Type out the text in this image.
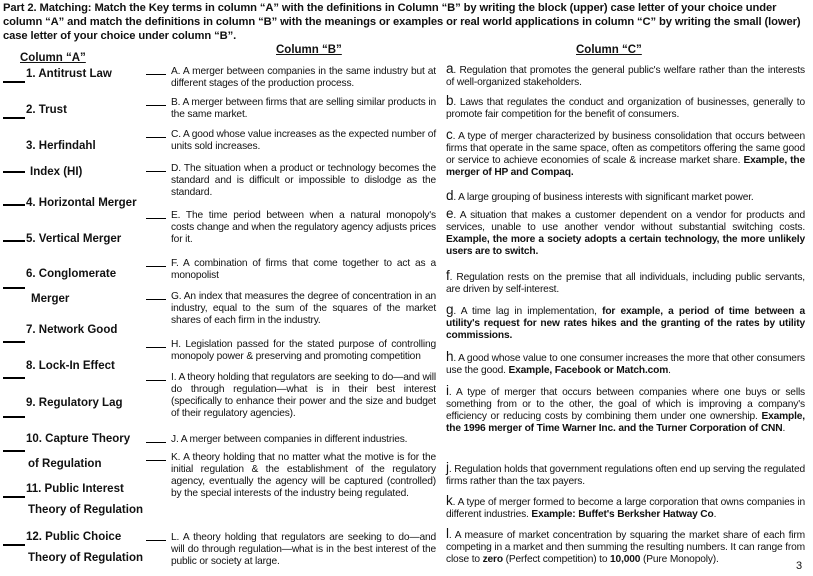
Part 2. Matching: Match the Key terms in column “A” with the definitions in Column “B” by writing the block (upper) case letter of your choice under column “A” and match the definitions in column “B” with the meanings or examples or real world applications in column “C” by writing the small (lower) case letter of your choice under column “B”.
Column “A”
Column “B”	Column “C”
1. Antitrust Law
2. Trust
3. Herfindahl
Index (HI)
4. Horizontal Merger
5. Vertical Merger
6. Conglomerate
Merger
7. Network Good
8. Lock-In Effect
9. Regulatory Lag
10. Capture Theory
of Regulation
11. Public Interest
Theory of Regulation
12. Public Choice
Theory of Regulation
A. A merger between companies in the same industry but at different stages of the production process.
B. A merger between firms that are selling similar products in the same market.
C. A good whose value increases as the expected number of units sold increases.
D. The situation when a product or technology becomes the standard and is difficult or impossible to dislodge as the standard.
E. The time period between when a natural monopoly's costs change and when the regulatory agency adjusts prices for it.
F. A combination of firms that come together to act as a monopolist
G. An index that measures the degree of concentration in an industry, equal to the sum of the squares of the market shares of each firm in the industry.
H. Legislation passed for the stated purpose of controlling monopoly power & preserving and promoting competition
I. A theory holding that regulators are seeking to do—and will do through regulation—what is in their best interest (specifically to enhance their power and the size and budget of their regulatory agencies).
J. A merger between companies in different industries.
K. A theory holding that no matter what the motive is for the initial regulation & the establishment of the regulatory agency, eventually the agency will be captured (controlled) by the special interests of the industry being regulated.
L. A theory holding that regulators are seeking to do—and will do through regulation—what is in the best interest of the public or society at large.
a. Regulation that promotes the general public's welfare rather than the interests of well-organized stakeholders.
b. Laws that regulates the conduct and organization of businesses, generally to promote fair competition for the benefit of consumers.
c. A type of merger characterized by business consolidation that occurs between firms that operate in the same space, often as competitors offering the same good or service to achieve economies of scale & increase market share. Example, the merger of HP and Compaq.
d. A large grouping of business interests with significant market power.
e. A situation that makes a customer dependent on a vendor for products and services, unable to use another vendor without substantial switching costs. Example, the more a society adopts a certain technology, the more unlikely users are to switch.
f. Regulation rests on the premise that all individuals, including public servants, are driven by self-interest.
g. A time lag in implementation, for example, a period of time between a utility's request for new rates hikes and the granting of the rates by utility commissions.
h. A good whose value to one consumer increases the more that other consumers use the good. Example, Facebook or Match.com.
i. A type of merger that occurs between companies where one buys or sells something from or to the other, the goal of which is improving a company's efficiency or reducing costs by combining them under one ownership. Example, the 1996 merger of Time Warner Inc. and the Turner Corporation of CNN.
j. Regulation holds that government regulations often end up serving the regulated firms rather than the tax payers.
k. A type of merger formed to become a large corporation that owns companies in different industries. Example: Buffet's Berksher Hatway Co.
l. A measure of market concentration by squaring the market share of each firm competing in a market and then summing the resulting numbers. It can range from close to zero (Perfect competition) to 10,000 (Pure Monopoly).
3
